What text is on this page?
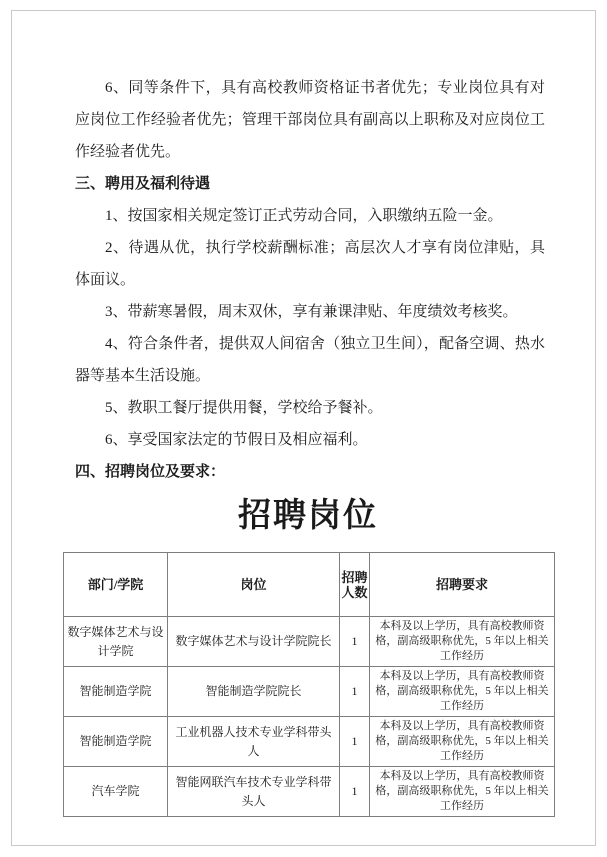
6、同等条件下，具有高校教师资格证书者优先；专业岗位具有对应岗位工作经验者优先；管理干部岗位具有副高以上职称及对应岗位工作经验者优先。

三、聘用及福利待遇

1、按国家相关规定签订正式劳动合同，入职缴纳五险一金。

2、待遇从优，执行学校薪酬标准；高层次人才享有岗位津贴，具体面议。

3、带薪寒暑假，周末双休，享有兼课津贴、年度绩效考核奖。

4、符合条件者，提供双人间宿舍（独立卫生间），配备空调、热水器等基本生活设施。

5、教职工餐厅提供用餐，学校给予餐补。

6、享受国家法定的节假日及相应福利。

四、招聘岗位及要求：

招聘岗位
部门/学院	岗位	招聘人数	招聘要求
数字媒体艺术与设计学院	数字媒体艺术与设计学院院长	1	本科及以上学历，具有高校教师资格，副高级职称优先，5 年以上相关工作经历
智能制造学院	智能制造学院院长	1	本科及以上学历，具有高校教师资格，副高级职称优先，5 年以上相关工作经历
智能制造学院	工业机器人技术专业学科带头人	1	本科及以上学历，具有高校教师资格，副高级职称优先，5 年以上相关工作经历
汽车学院	智能网联汽车技术专业学科带头人	1	本科及以上学历，具有高校教师资格，副高级职称优先，5 年以上相关工作经历
